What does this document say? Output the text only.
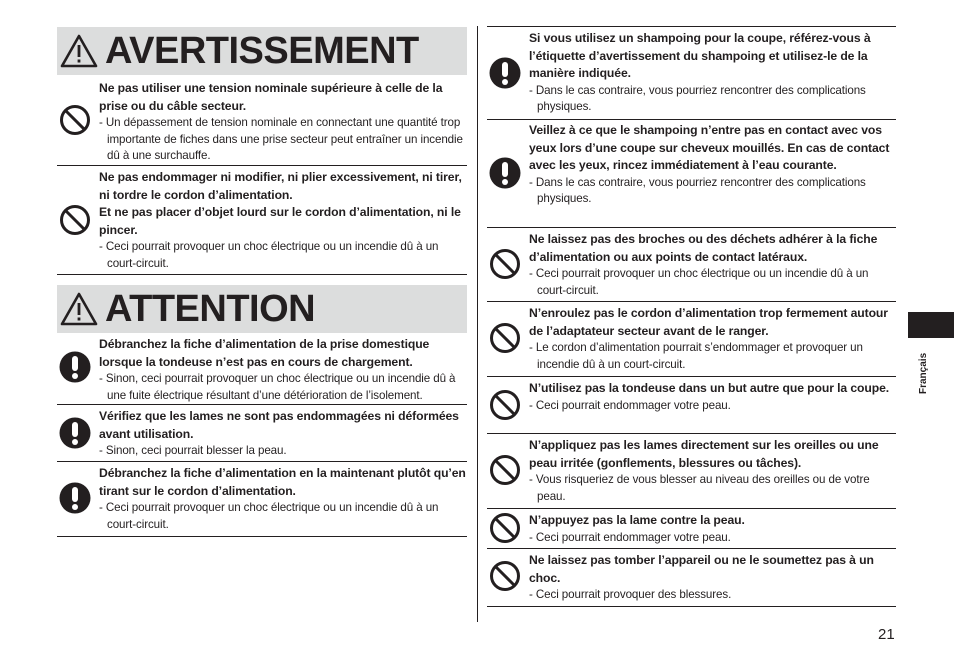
AVERTISSEMENT
Ne pas utiliser une tension nominale supérieure à celle de la prise ou du câble secteur.
- Un dépassement de tension nominale en connectant une quantité trop importante de fiches dans une prise secteur peut entraîner un incendie dû à une surchauffe.
Ne pas endommager ni modifier, ni plier excessivement, ni tirer, ni tordre le cordon d’alimentation.
Et ne pas placer d’objet lourd sur le cordon d’alimentation, ni le pincer.
- Ceci pourrait provoquer un choc électrique ou un incendie dû à un court-circuit.
ATTENTION
Débranchez la fiche d’alimentation de la prise domestique lorsque la tondeuse n’est pas en cours de chargement.
- Sinon, ceci pourrait provoquer un choc électrique ou un incendie dû à une fuite électrique résultant d’une détérioration de l’isolement.
Vérifiez que les lames ne sont pas endommagées ni déformées avant utilisation.
- Sinon, ceci pourrait blesser la peau.
Débranchez la fiche d’alimentation en la maintenant plutôt qu’en tirant sur le cordon d’alimentation.
- Ceci pourrait provoquer un choc électrique ou un incendie dû à un court-circuit.
Si vous utilisez un shampoing pour la coupe, référez-vous à l’étiquette d’avertissement du shampoing et utilisez-le de la manière indiquée.
- Dans le cas contraire, vous pourriez rencontrer des complications physiques.
Veillez à ce que le shampoing n’entre pas en contact avec vos yeux lors d’une coupe sur cheveux mouillés. En cas de contact avec les yeux, rincez immédiatement à l’eau courante.
- Dans le cas contraire, vous pourriez rencontrer des complications physiques.
Ne laissez pas des broches ou des déchets adhérer à la fiche d’alimentation ou aux points de contact latéraux.
- Ceci pourrait provoquer un choc électrique ou un incendie dû à un court-circuit.
N’enroulez pas le cordon d’alimentation trop fermement autour de l’adaptateur secteur avant de le ranger.
- Le cordon d’alimentation pourrait s’endommager et provoquer un incendie dû à un court-circuit.
N’utilisez pas la tondeuse dans un but autre que pour la coupe.
- Ceci pourrait endommager votre peau.
N’appliquez pas les lames directement sur les oreilles ou une peau irritée (gonflements, blessures ou tâches).
- Vous risqueriez de vous blesser au niveau des oreilles ou de votre peau.
N’appuyez pas la lame contre la peau.
- Ceci pourrait endommager votre peau.
Ne laissez pas tomber l’appareil ou ne le soumettez pas à un choc.
- Ceci pourrait provoquer des blessures.
Français
21
